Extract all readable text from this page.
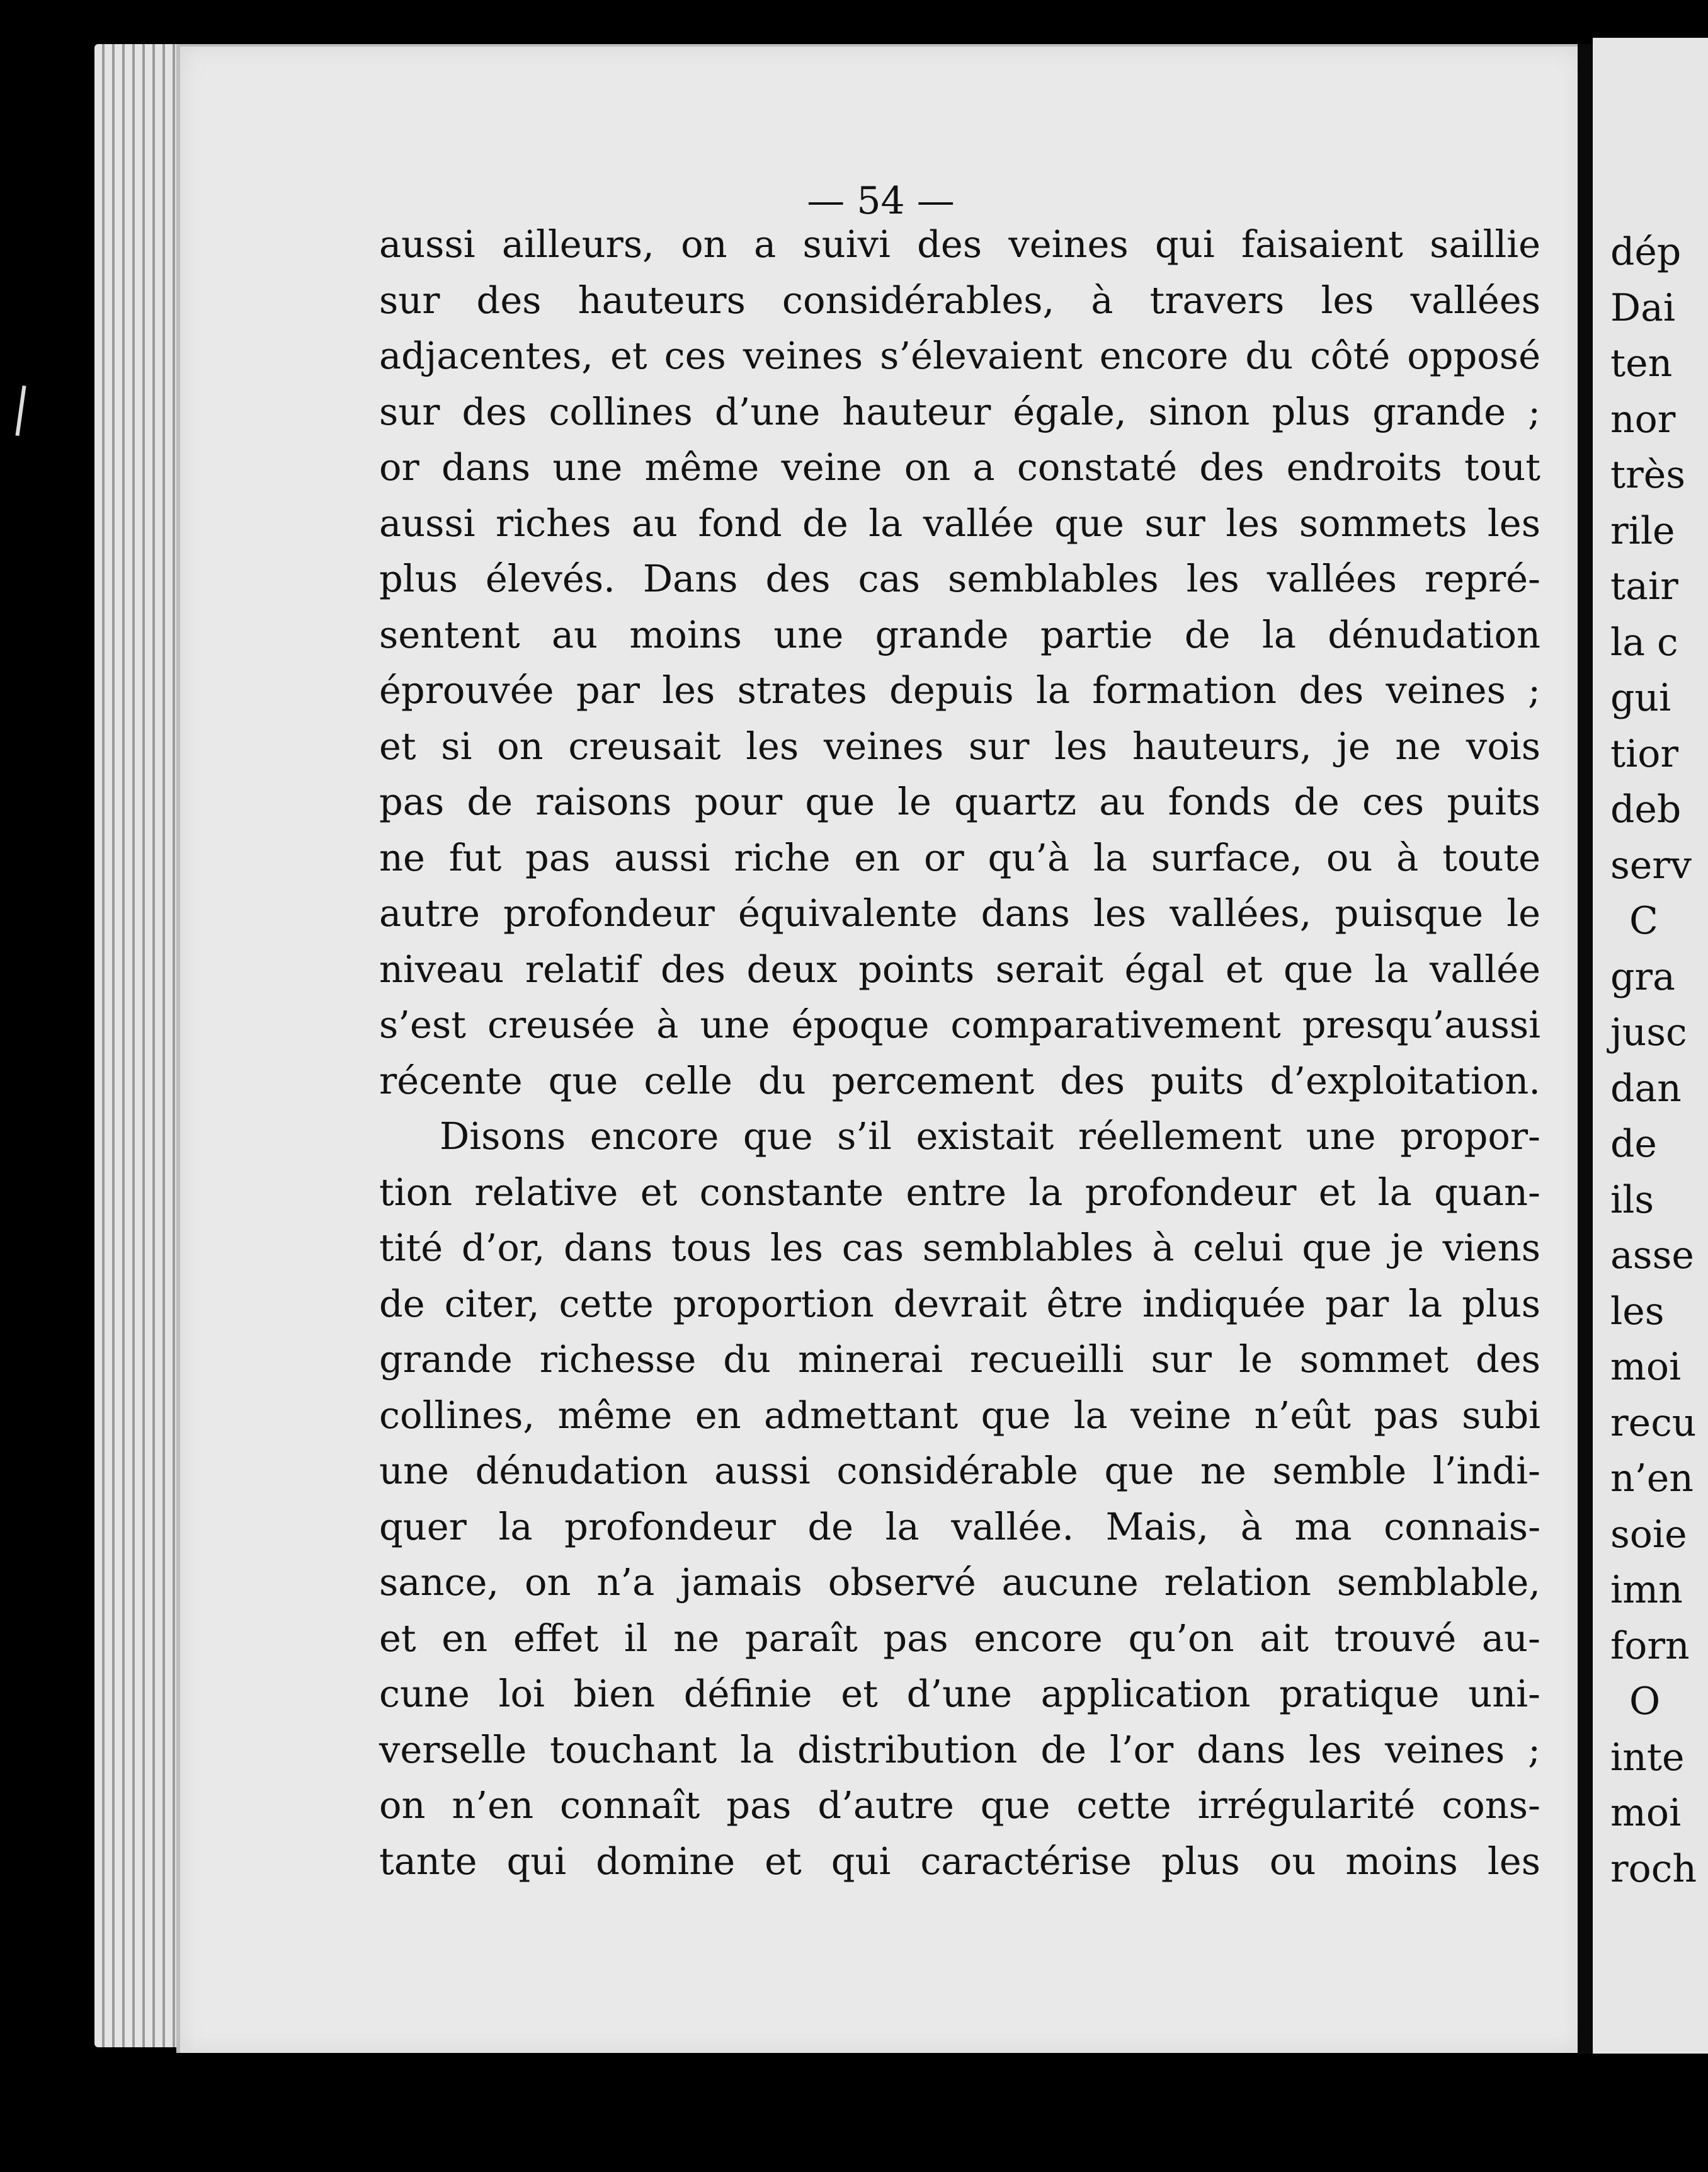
— 54 —
dép
Dai
ten
nor
très
rile
tair
la c
gui
tior
deb
serv
C
gra
jusc
dan
de
ils
asse
les
moi
recu
n’en
soie
imn
forn
O
inte
moi
roch
aussi ailleurs, on a suivi des veines qui faisaient saillie
sur des hauteurs considérables, à travers les vallées
adjacentes, et ces veines s’élevaient encore du côté opposé
sur des collines d’une hauteur égale, sinon plus grande ;
or dans une même veine on a constaté des endroits tout
aussi riches au fond de la vallée que sur les sommets les
plus élevés. Dans des cas semblables les vallées repré-
sentent au moins une grande partie de la dénudation
éprouvée par les strates depuis la formation des veines ;
et si on creusait les veines sur les hauteurs, je ne vois
pas de raisons pour que le quartz au fonds de ces puits
ne fut pas aussi riche en or qu’à la surface, ou à toute
autre profondeur équivalente dans les vallées, puisque le
niveau relatif des deux points serait égal et que la vallée
s’est creusée à une époque comparativement presqu’aussi
récente que celle du percement des puits d’exploitation.
Disons encore que s’il existait réellement une propor-
tion relative et constante entre la profondeur et la quan-
tité d’or, dans tous les cas semblables à celui que je viens
de citer, cette proportion devrait être indiquée par la plus
grande richesse du minerai recueilli sur le sommet des
collines, même en admettant que la veine n’eût pas subi
une dénudation aussi considérable que ne semble l’indi-
quer la profondeur de la vallée. Mais, à ma connais-
sance, on n’a jamais observé aucune relation semblable,
et en effet il ne paraît pas encore qu’on ait trouvé au-
cune loi bien définie et d’une application pratique uni-
verselle touchant la distribution de l’or dans les veines ;
on n’en connaît pas d’autre que cette irrégularité cons-
tante qui domine et qui caractérise plus ou moins les
